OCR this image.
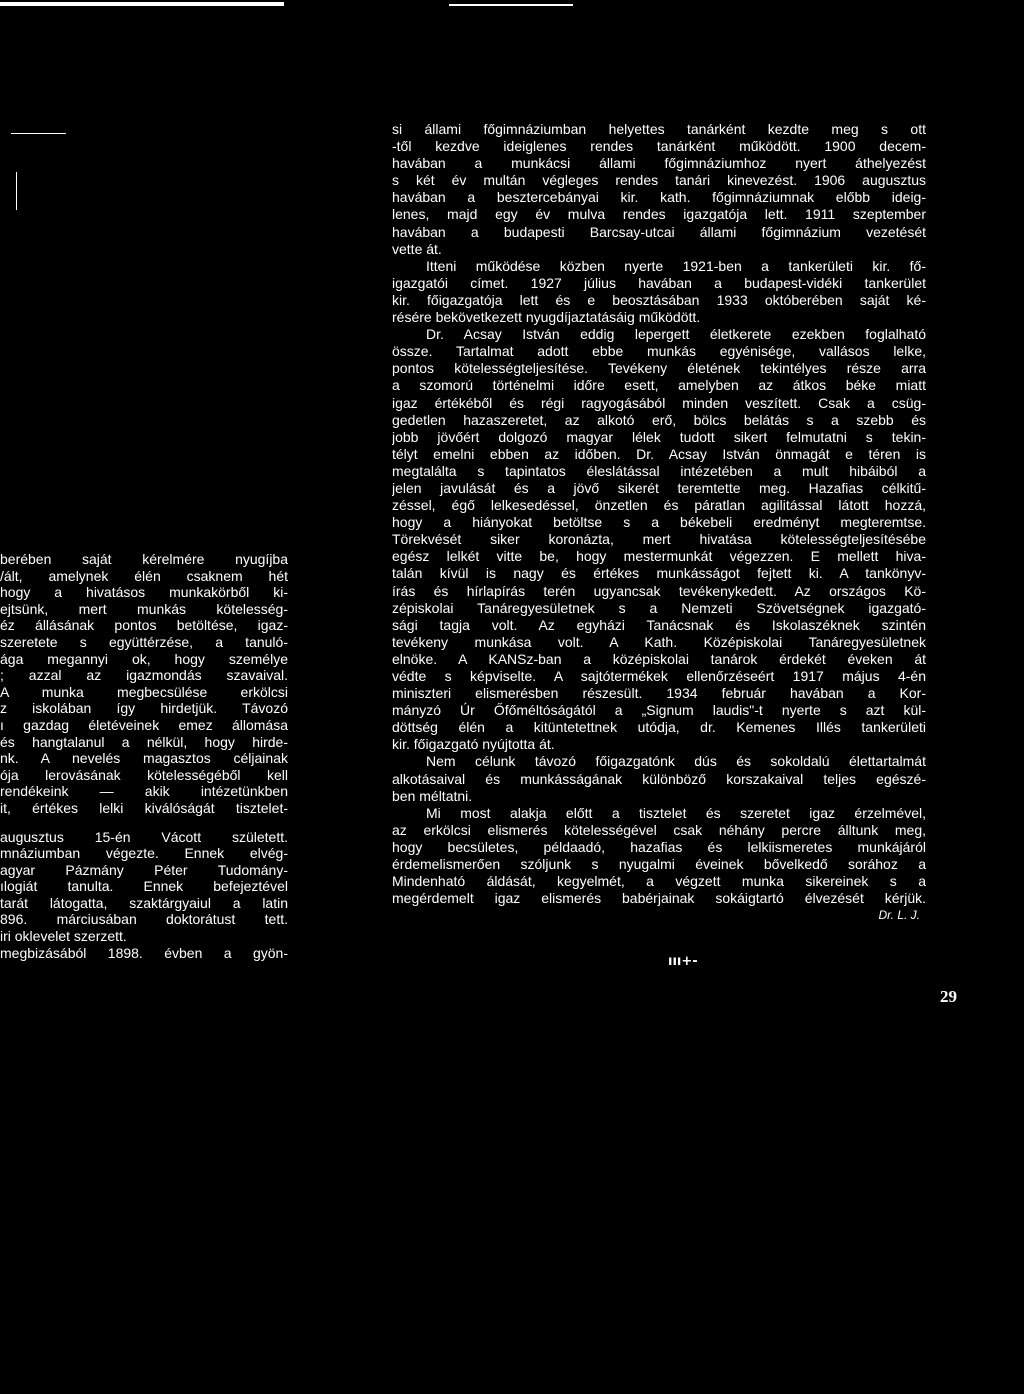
berében saját kérelmére nyugíjba
/ált, amelynek élén csaknem hét
hogy a hivatásos munkakörből ki-
ejtsünk, mert munkás kötelesség-
éz állásának pontos betöltése, igaz-
szeretete s együttérzése, a tanuló-
ága megannyi ok, hogy személye
; azzal az igazmondás szavaival.
A munka megbecsülése erkölcsi
z iskolában így hirdetjük. Távozó
ı gazdag életéveinek emez állomása
és hangtalanul a nélkül, hogy hirde-
nk. A nevelés magasztos céljainak
ója lerovásának kötelességéből kell
rendékeink — akik intézetünkben
it, értékes lelki kiválóságát tisztelet-
augusztus 15-én Vácott született.
mnáziumban végezte. Ennek elvég-
agyar Pázmány Péter Tudomány-
ılogiát tanulta. Ennek befejeztével
tarát látogatta, szaktárgyaiul a latin
896. márciusában doktorátust tett.
iri oklevelet szerzett.
megbizásából 1898. évben a gyön-
si állami főgimnáziumban helyettes tanárként kezdte meg s ott
-től kezdve ideiglenes rendes tanárként működött. 1900 decem-
havában a munkácsi állami főgimnáziumhoz nyert áthelyezést
s két év multán végleges rendes tanári kinevezést. 1906 augusztus
havában a besztercebányai kir. kath. főgimnáziumnak előbb ideig-
lenes, majd egy év mulva rendes igazgatója lett. 1911 szeptember
havában a budapesti Barcsay-utcai állami főgimnázium vezetését
vette át.
Itteni működése közben nyerte 1921-ben a tankerületi kir. fő-
igazgatói címet. 1927 július havában a budapest-vidéki tankerület
kir. főigazgatója lett és e beosztásában 1933 októberében saját ké-
résére bekövetkezett nyugdíjaztatásáig működött.
Dr. Acsay István eddig lepergett életkerete ezekben foglalható
össze. Tartalmat adott ebbe munkás egyénisége, vallásos lelke,
pontos kötelességteljesítése. Tevékeny életének tekintélyes része arra
a szomorú történelmi időre esett, amelyben az átkos béke miatt
igaz értékéből és régi ragyogásából minden veszített. Csak a csüg-
gedetlen hazaszeretet, az alkotó erő, bölcs belátás s a szebb és
jobb jövőért dolgozó magyar lélek tudott sikert felmutatni s tekin-
télyt emelni ebben az időben. Dr. Acsay István önmagát e téren is
megtalálta s tapintatos éleslátással intézetében a mult hibáiból a
jelen javulását és a jövő sikerét teremtette meg. Hazafias célkitű-
zéssel, égő lelkesedéssel, önzetlen és páratlan agilitással látott hozzá,
hogy a hiányokat betöltse s a békebeli eredményt megteremtse.
Törekvését siker koronázta, mert hivatása kötelességteljesítésébe
egész lelkét vitte be, hogy mestermunkát végezzen. E mellett hiva-
talán kívül is nagy és értékes munkásságot fejtett ki. A tankönyv-
írás és hírlapírás terén ugyancsak tevékenykedett. Az országos Kö-
zépiskolai Tanáregyesületnek s a Nemzeti Szövetségnek igazgató-
sági tagja volt. Az egyházi Tanácsnak és Iskolaszéknek szintén
tevékeny munkása volt. A Kath. Középiskolai Tanáregyesületnek
elnöke. A KANSz-ban a középiskolai tanárok érdekét éveken át
védte s képviselte. A sajtótermékek ellenőrzéseért 1917 május 4-én
miniszteri elismerésben részesült. 1934 február havában a Kor-
mányzó Úr Őfőméltóságától a „Signum laudis"-t nyerte s azt kül-
döttség élén a kitüntetettnek utódja, dr. Kemenes Illés tankerületi
kir. főigazgató nyújtotta át.
Nem célunk távozó főigazgatónk dús és sokoldalú élettartalmát
alkotásaival és munkásságának különböző korszakaival teljes egészé-
ben méltatni.
Mi most alakja előtt a tisztelet és szeretet igaz érzelmével,
az erkölcsi elismerés kötelességével csak néhány percre álltunk meg,
hogy becsületes, példaadó, hazafias és lelkiismeretes munkájáról
érdemelismerően szóljunk s nyugalmi éveinek bővelkedő sorához a
Mindenható áldását, kegyelmét, a végzett munka sikereinek s a
megérdemelt igaz elismerés babérjainak sokáigtartó élvezését kérjük.
Dr. L. J.
ııı+-
29
